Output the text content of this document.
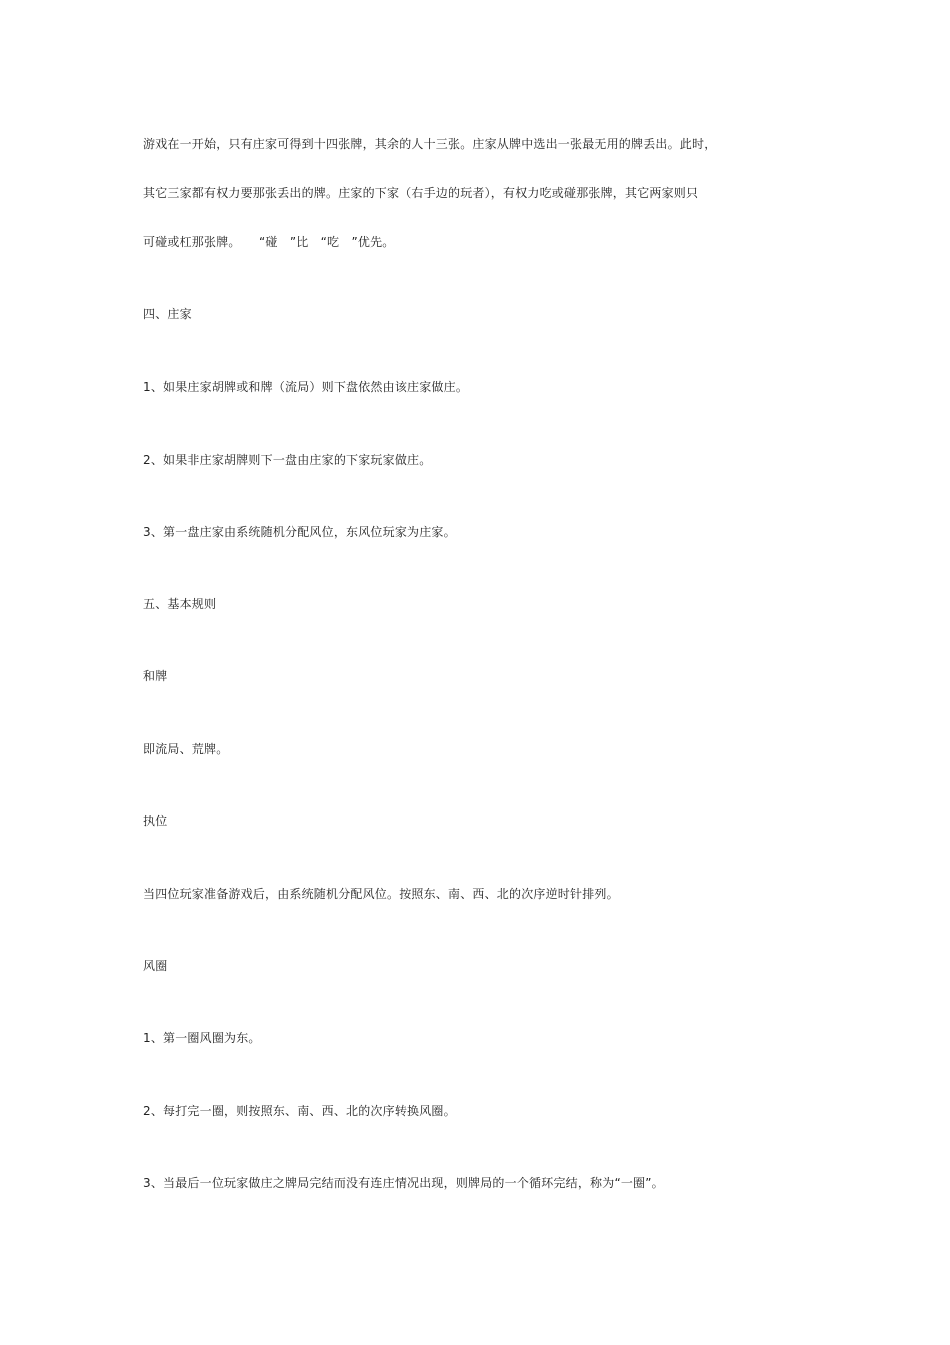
游戏在一开始，只有庄家可得到十四张牌，其余的人十三张。庄家从牌中选出一张最无用的牌丢出。此时，
其它三家都有权力要那张丢出的牌。庄家的下家（右手边的玩者），有权力吃或碰那张牌，其它两家则只
可碰或杠那张牌。　　“碰　”比　“吃　”优先。
四、庄家
1、如果庄家胡牌或和牌（流局）则下盘依然由该庄家做庄。
2、如果非庄家胡牌则下一盘由庄家的下家玩家做庄。
3、第一盘庄家由系统随机分配风位，东风位玩家为庄家。
五、基本规则
和牌
即流局、荒牌。
执位
当四位玩家准备游戏后，由系统随机分配风位。按照东、南、西、北的次序逆时针排列。
风圈
1、第一圈风圈为东。
2、每打完一圈，则按照东、南、西、北的次序转换风圈。
3、当最后一位玩家做庄之牌局完结而没有连庄情况出现，则牌局的一个循环完结，称为“一圈”。
